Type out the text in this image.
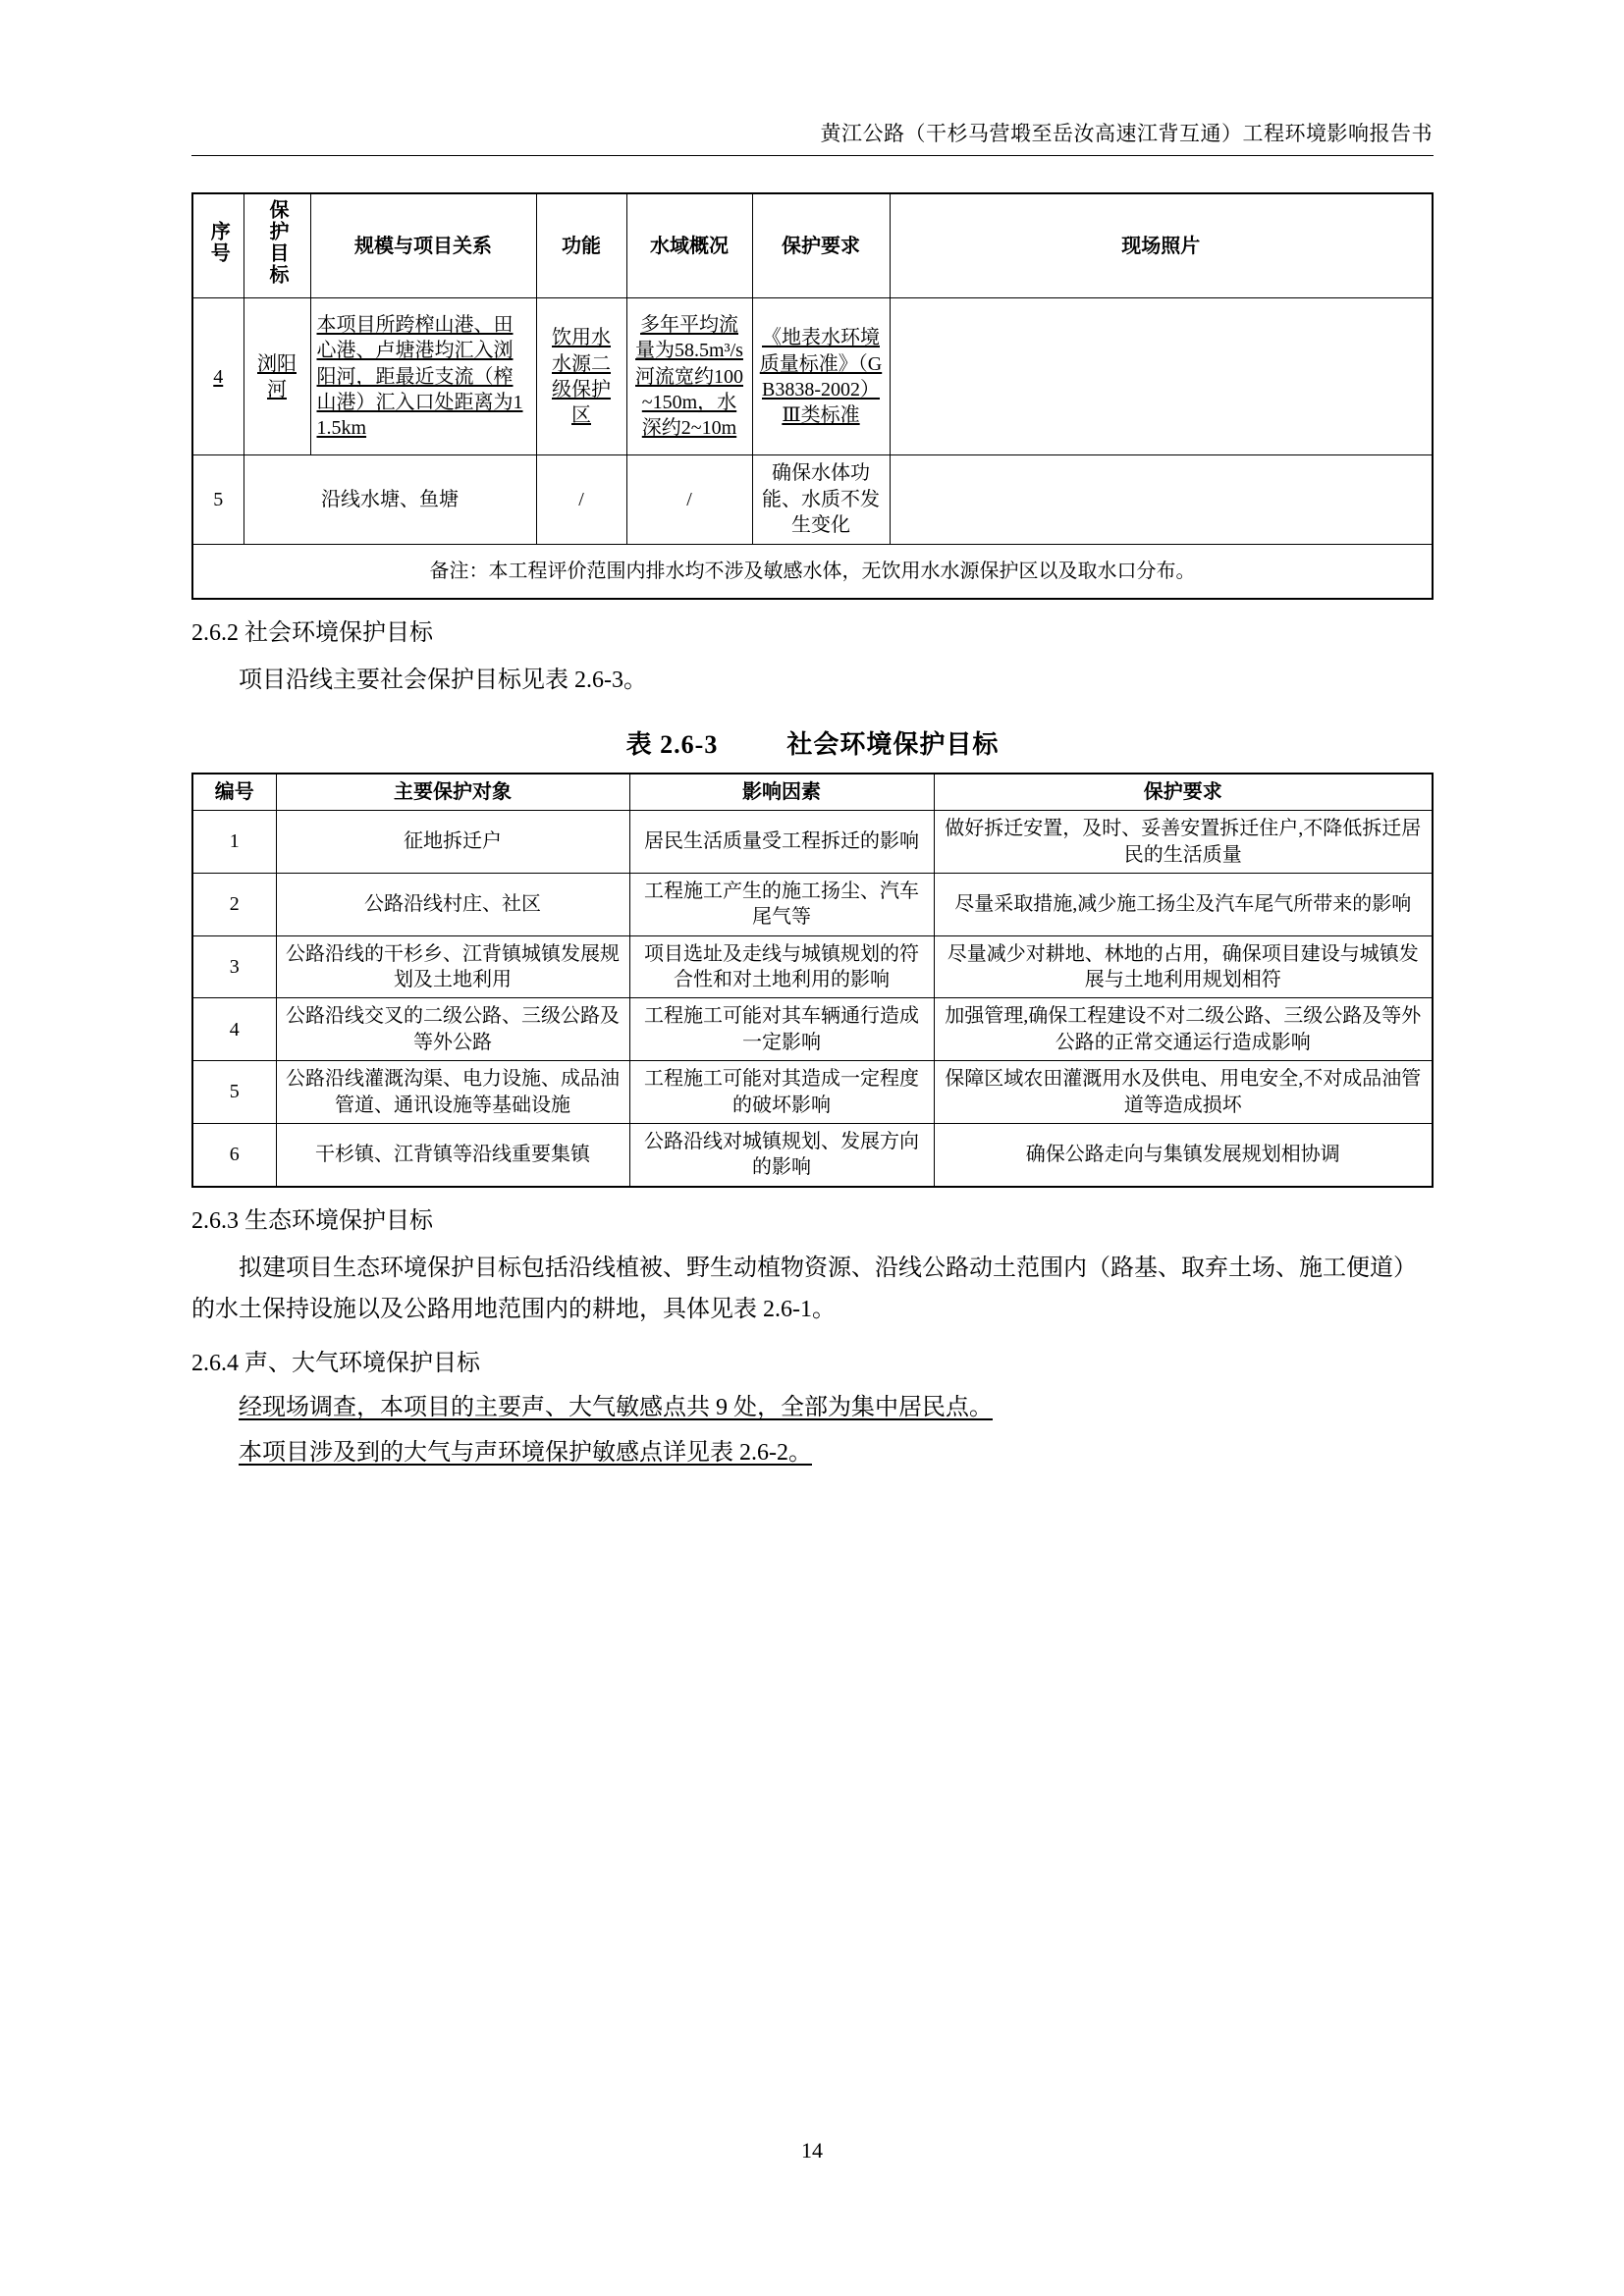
黄江公路（干杉马营塅至岳汝高速江背互通）工程环境影响报告书
序号	保护目标	规模与项目关系	功能	水域概况	保护要求	现场照片
4	浏阳河	本项目所跨榨山港、田心港、卢塘港均汇入浏阳河，距最近支流（榨山港）汇入口处距离为11.5km	饮用水水源二级保护区	多年平均流量为58.5m³/s河流宽约100~150m，水深约2~10m	《地表水环境质量标准》（GB3838-2002）Ⅲ类标准	
5	沿线水塘、鱼塘		/	/	确保水体功能、水质不发生变化	
备注：本工程评价范围内排水均不涉及敏感水体，无饮用水水源保护区以及取水口分布。						
2.6.2 社会环境保护目标
项目沿线主要社会保护目标见表 2.6-3。
表 2.6-3	社会环境保护目标
编号	主要保护对象	影响因素	保护要求
1	征地拆迁户	居民生活质量受工程拆迁的影响	做好拆迁安置，及时、妥善安置拆迁住户,不降低拆迁居民的生活质量
2	公路沿线村庄、社区	工程施工产生的施工扬尘、汽车尾气等	尽量采取措施,减少施工扬尘及汽车尾气所带来的影响
3	公路沿线的干杉乡、江背镇城镇发展规划及土地利用	项目选址及走线与城镇规划的符合性和对土地利用的影响	尽量减少对耕地、林地的占用，确保项目建设与城镇发展与土地利用规划相符
4	公路沿线交叉的二级公路、三级公路及等外公路	工程施工可能对其车辆通行造成一定影响	加强管理,确保工程建设不对二级公路、三级公路及等外公路的正常交通运行造成影响
5	公路沿线灌溉沟渠、电力设施、成品油管道、通讯设施等基础设施	工程施工可能对其造成一定程度的破坏影响	保障区域农田灌溉用水及供电、用电安全,不对成品油管道等造成损坏
6	干杉镇、江背镇等沿线重要集镇	公路沿线对城镇规划、发展方向的影响	确保公路走向与集镇发展规划相协调
2.6.3 生态环境保护目标
拟建项目生态环境保护目标包括沿线植被、野生动植物资源、沿线公路动土范围内（路基、取弃土场、施工便道）的水土保持设施以及公路用地范围内的耕地，具体见表 2.6-1。
2.6.4 声、大气环境保护目标
经现场调查，本项目的主要声、大气敏感点共 9 处，全部为集中居民点。
本项目涉及到的大气与声环境保护敏感点详见表 2.6-2。
14
